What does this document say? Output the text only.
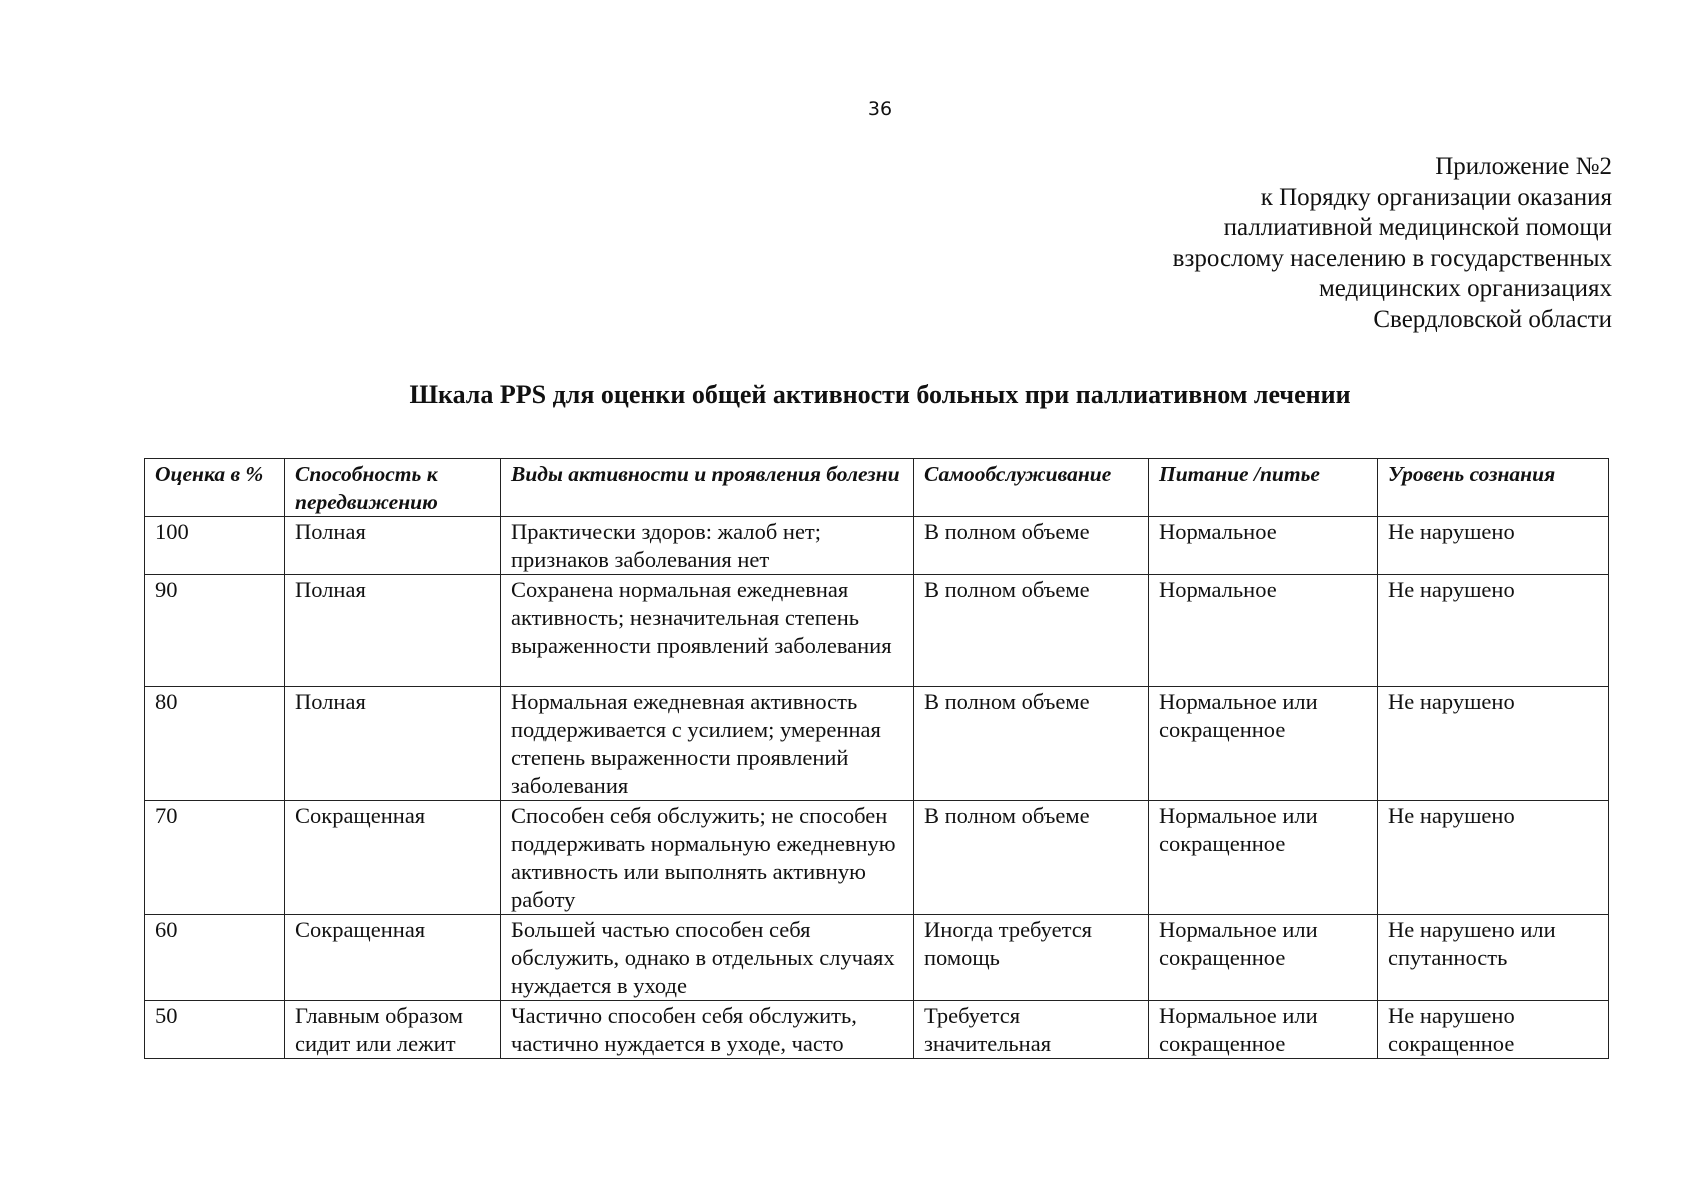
36
Приложение №2
к Порядку организации оказания
паллиативной медицинской помощи
взрослому населению в государственных
медицинских организациях
Свердловской области
Шкала PPS для оценки общей активности больных при паллиативном лечении
Оценка в %	Способность к передвижению	Виды активности и проявления болезни	Самообслуживание	Питание /питье	Уровень сознания
100	Полная	Практически здоров: жалоб нет; признаков заболевания нет	В полном объеме	Нормальное	Не нарушено
90	Полная	Сохранена нормальная ежедневная активность; незначительная степень выраженности проявлений заболевания	В полном объеме	Нормальное	Не нарушено
80	Полная	Нормальная ежедневная активность поддерживается с усилием; умеренная степень выраженности проявлений заболевания	В полном объеме	Нормальное или сокращенное	Не нарушено
70	Сокращенная	Способен себя обслужить; не способен поддерживать нормальную ежедневную активность или выполнять активную работу	В полном объеме	Нормальное или сокращенное	Не нарушено
60	Сокращенная	Большей частью способен себя обслужить, однако в отдельных случаях нуждается в уходе	Иногда требуется помощь	Нормальное или сокращенное	Не нарушено или спутанность
50	Главным образом сидит или лежит	Частично способен себя обслужить, частично нуждается в уходе, часто	Требуется значительная	Нормальное или сокращенное	Не нарушено сокращенное
